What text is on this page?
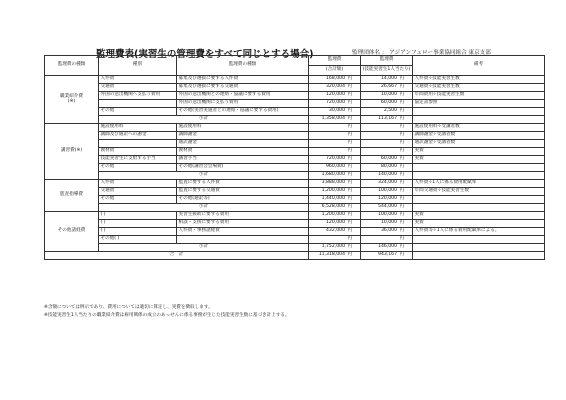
監理費表(実習生の管理費をすべて同じとする場合)	監理団体名 ： アジアンフェロー事業協同組合 東京支部
監理費の種類	種別	監理費の種類	監理費		監理費		備考
			(合計額)		(技能実習生1人当たり)		
職業紹介費
(※)	人件費	募集及び選抜に要する人件費	168,000	円	14,000	円	人件費÷技能実習生数
	交通費	募集及び選抜に要する交通費	320,004	円	26,667	円	交通費÷技能実習生数
	外国の送出機関へ支払う費用	外国の送出機関との連絡・協議に要する費用	120,000	円	10,000	円	年間費用÷技能実習生数
		外国の送出機関に支払う費用	720,000	円	60,000	円	協定書参照
	その他	その他(実習実施者との連絡・協議に要する費用)	30,000	円	2,500	円	
	小計		1,358,004	円	113,167	円	
講習費(※)	施設使用料	施設使用料		円		円	施設使用料÷受講者数
	講師及び通訳への謝金	講師謝金		円		円	講師謝金÷受講者数
		通訳謝金		円		円	通訳謝金÷受講者数
	教材費	教材費		円		円	実費
	技能実習生に支給する手当	講習手当	720,000	円	60,000	円	実費
	その他	その他(講習会会場費)	960,000	円	80,000	円	
	小計		1,680,000	円	140,000	円	
監査指導費	人件費	監査に要する人件費	3,888,000	円	324,000	円	人件費÷1人に係る費用配賦率
	交通費	監査に要する交通費	1,200,000	円	100,000	円	年間交通費÷技能実習生数
	その他	その他(通訳等)	1,440,000	円	120,000	円	
	小計		6,528,000	円	544,000	円	
その他諸経費	( )	実習生援助に要する費用	1,200,000	円	100,000	円	実費
	( )	相談・支援に要する費用	120,000	円	10,000	円	実費
	( )	人件費・事務諸経費	432,000	円	36,000	円	人件費等÷1人に係る費用配賦率による。
	その他( )			円		円	
	小計		1,752,000	円	146,000	円	
合　計			11,318,004	円	943,167	円	
※含額については例示であり、費用については適切に算定し、実費を徴収します。
※技能実習生1人当たりの職業紹介費は雇用関係の成立のあっせんに係る事務が生じた技能実習生数に基づき計上する。
